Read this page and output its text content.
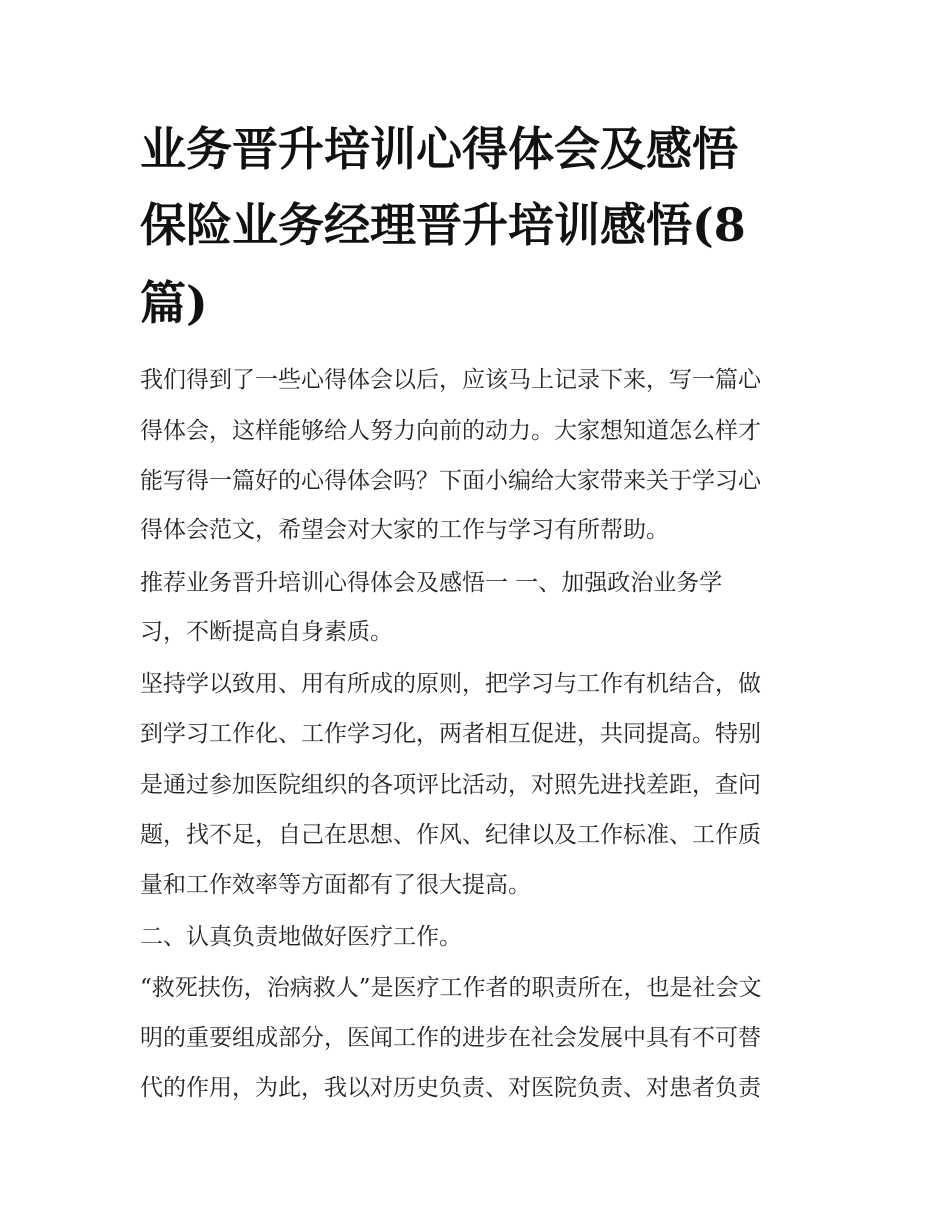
业务晋升培训心得体会及感悟
保险业务经理晋升培训感悟(8
篇)

我们得到了一些心得体会以后，应该马上记录下来，写一篇心

得体会，这样能够给人努力向前的动力。大家想知道怎么样才

能写得一篇好的心得体会吗？下面小编给大家带来关于学习心

得体会范文，希望会对大家的工作与学习有所帮助。

推荐业务晋升培训心得体会及感悟一 一、加强政治业务学

习，不断提高自身素质。

坚持学以致用、用有所成的原则，把学习与工作有机结合，做

到学习工作化、工作学习化，两者相互促进，共同提高。特别

是通过参加医院组织的各项评比活动，对照先进找差距，查问

题，找不足，自己在思想、作风、纪律以及工作标准、工作质

量和工作效率等方面都有了很大提高。

二、认真负责地做好医疗工作。

“救死扶伤，治病救人”是医疗工作者的职责所在，也是社会文

明的重要组成部分，医闻工作的进步在社会发展中具有不可替

代的作用，为此，我以对历史负责、对医院负责、对患者负责
